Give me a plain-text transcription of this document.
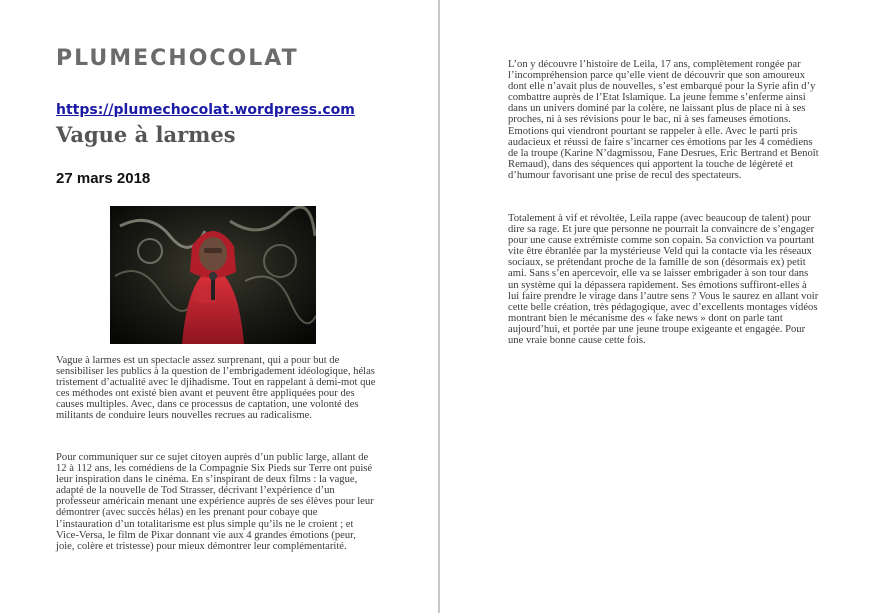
PLUMECHOCOLAT
https://plumechocolat.wordpress.com
Vague à larmes
27 mars 2018

Vague à larmes est un spectacle assez surprenant, qui a pour but de sensibiliser les publics à la question de l’embrigadement idéologique, hélas tristement d’actualité avec le djihadisme. Tout en rappelant à demi-mot que ces méthodes ont existé bien avant et peuvent être appliquées pour des causes multiples. Avec, dans ce processus de captation, une volonté des militants de conduire leurs nouvelles recrues au radicalisme.

Pour communiquer sur ce sujet citoyen auprès d’un public large, allant de 12 à 112 ans, les comédiens de la Compagnie Six Pieds sur Terre ont puisé leur inspiration dans le cinéma. En s’inspirant de deux films : la vague, adapté de la nouvelle de Tod Strasser, décrivant l’expérience d’un professeur américain menant une expérience auprès de ses élèves pour leur démontrer (avec succès hélas) en les prenant pour cobaye que l’instauration d’un totalitarisme est plus simple qu’ils ne le croient ; et Vice-Versa, le film de Pixar donnant vie aux 4 grandes émotions (peur, joie, colère et tristesse) pour mieux démontrer leur complémentarité.

L’on y découvre l’histoire de Leila, 17 ans, complètement rongée par l’incompréhension parce qu’elle vient de découvrir que son amoureux dont elle n’avait plus de nouvelles, s’est embarqué pour la Syrie afin d’y combattre auprès de l’Etat Islamique. La jeune femme s’enferme ainsi dans un univers dominé par la colère, ne laissant plus de place ni à ses proches, ni à ses révisions pour le bac, ni à ses fameuses émotions. Emotions qui viendront pourtant se rappeler à elle. Avec le parti pris audacieux et réussi de faire s’incarner ces émotions par les 4 comédiens de la troupe (Karine N’dagmissou, Fane Desrues, Eric Bertrand et Benoît Remaud), dans des séquences qui apportent la touche de légèreté et d’humour favorisant une prise de recul des spectateurs.

Totalement à vif et révoltée, Leila rappe (avec beaucoup de talent) pour dire sa rage. Et jure que personne ne pourrait la convaincre de s’engager pour une cause extrémiste comme son copain. Sa conviction va pourtant vite être ébranlée par la mystérieuse Veld qui la contacte via les réseaux sociaux, se prétendant proche de la famille de son (désormais ex) petit ami. Sans s’en apercevoir, elle va se laisser embrigader à son tour dans un système qui la dépassera rapidement. Ses émotions suffiront-elles à lui faire prendre le virage dans l’autre sens ? Vous le saurez en allant voir cette belle création, très pédagogique, avec d’excellents montages vidéos montrant bien le mécanisme des « fake news » dont on parle tant aujourd’hui, et portée par une jeune troupe exigeante et engagée. Pour une vraie bonne cause cette fois.
